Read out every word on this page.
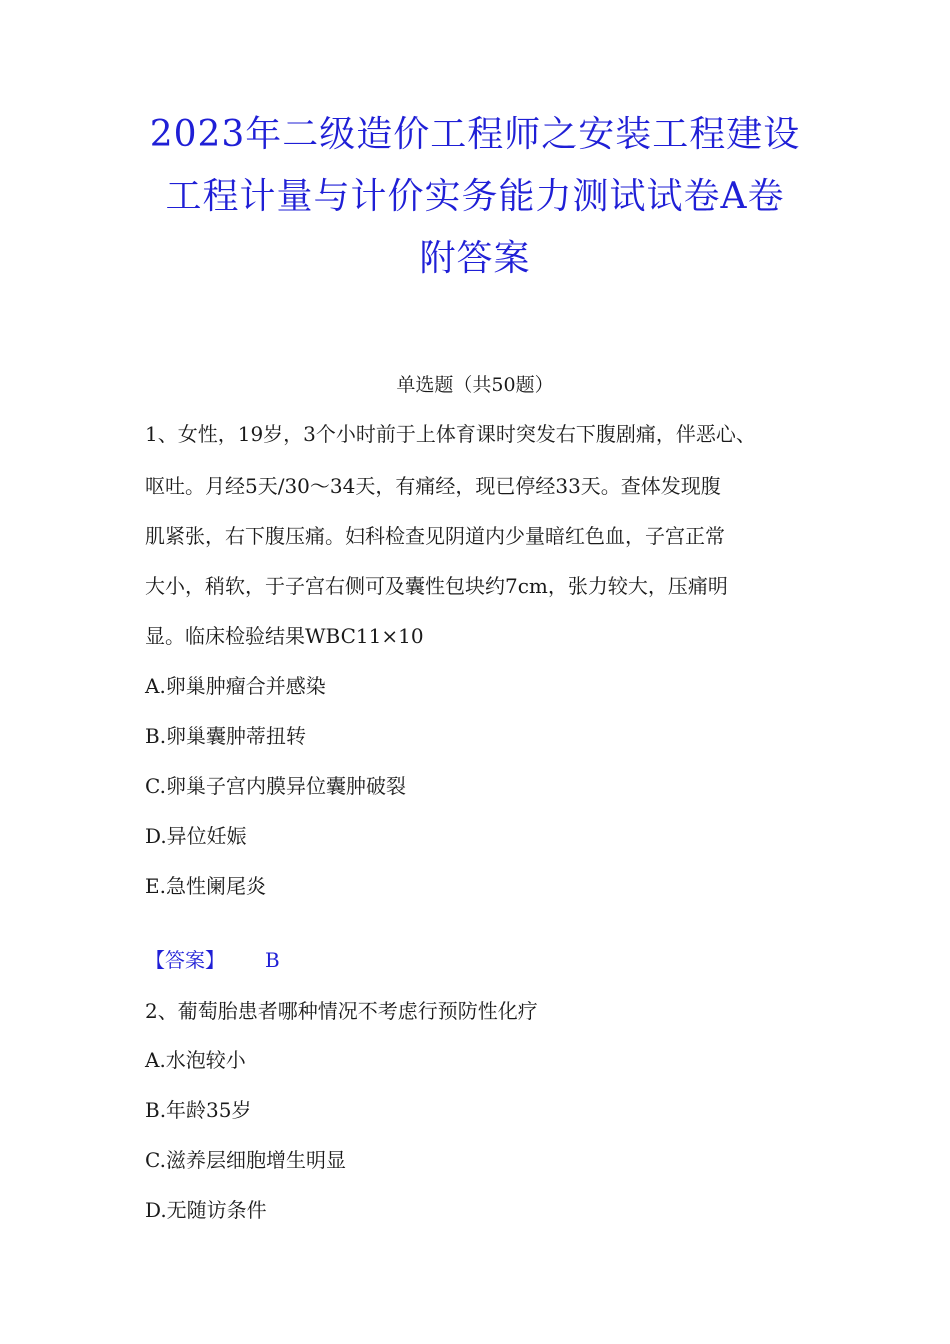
2023年二级造价工程师之安装工程建设
工程计量与计价实务能力测试试卷A卷
附答案
单选题（共50题）
1、女性，19岁，3个小时前于上体育课时突发右下腹剧痛，伴恶心、
呕吐。月经5天/30～34天，有痛经，现已停经33天。查体发现腹
肌紧张，右下腹压痛。妇科检查见阴道内少量暗红色血，子宫正常
大小，稍软，于子宫右侧可及囊性包块约7cm，张力较大，压痛明
显。临床检验结果WBC11×10
A.卵巢肿瘤合并感染
B.卵巢囊肿蒂扭转
C.卵巢子宫内膜异位囊肿破裂
D.异位妊娠
E.急性阑尾炎
【答案】 B
2、葡萄胎患者哪种情况不考虑行预防性化疗
A.水泡较小
B.年龄35岁
C.滋养层细胞增生明显
D.无随访条件
